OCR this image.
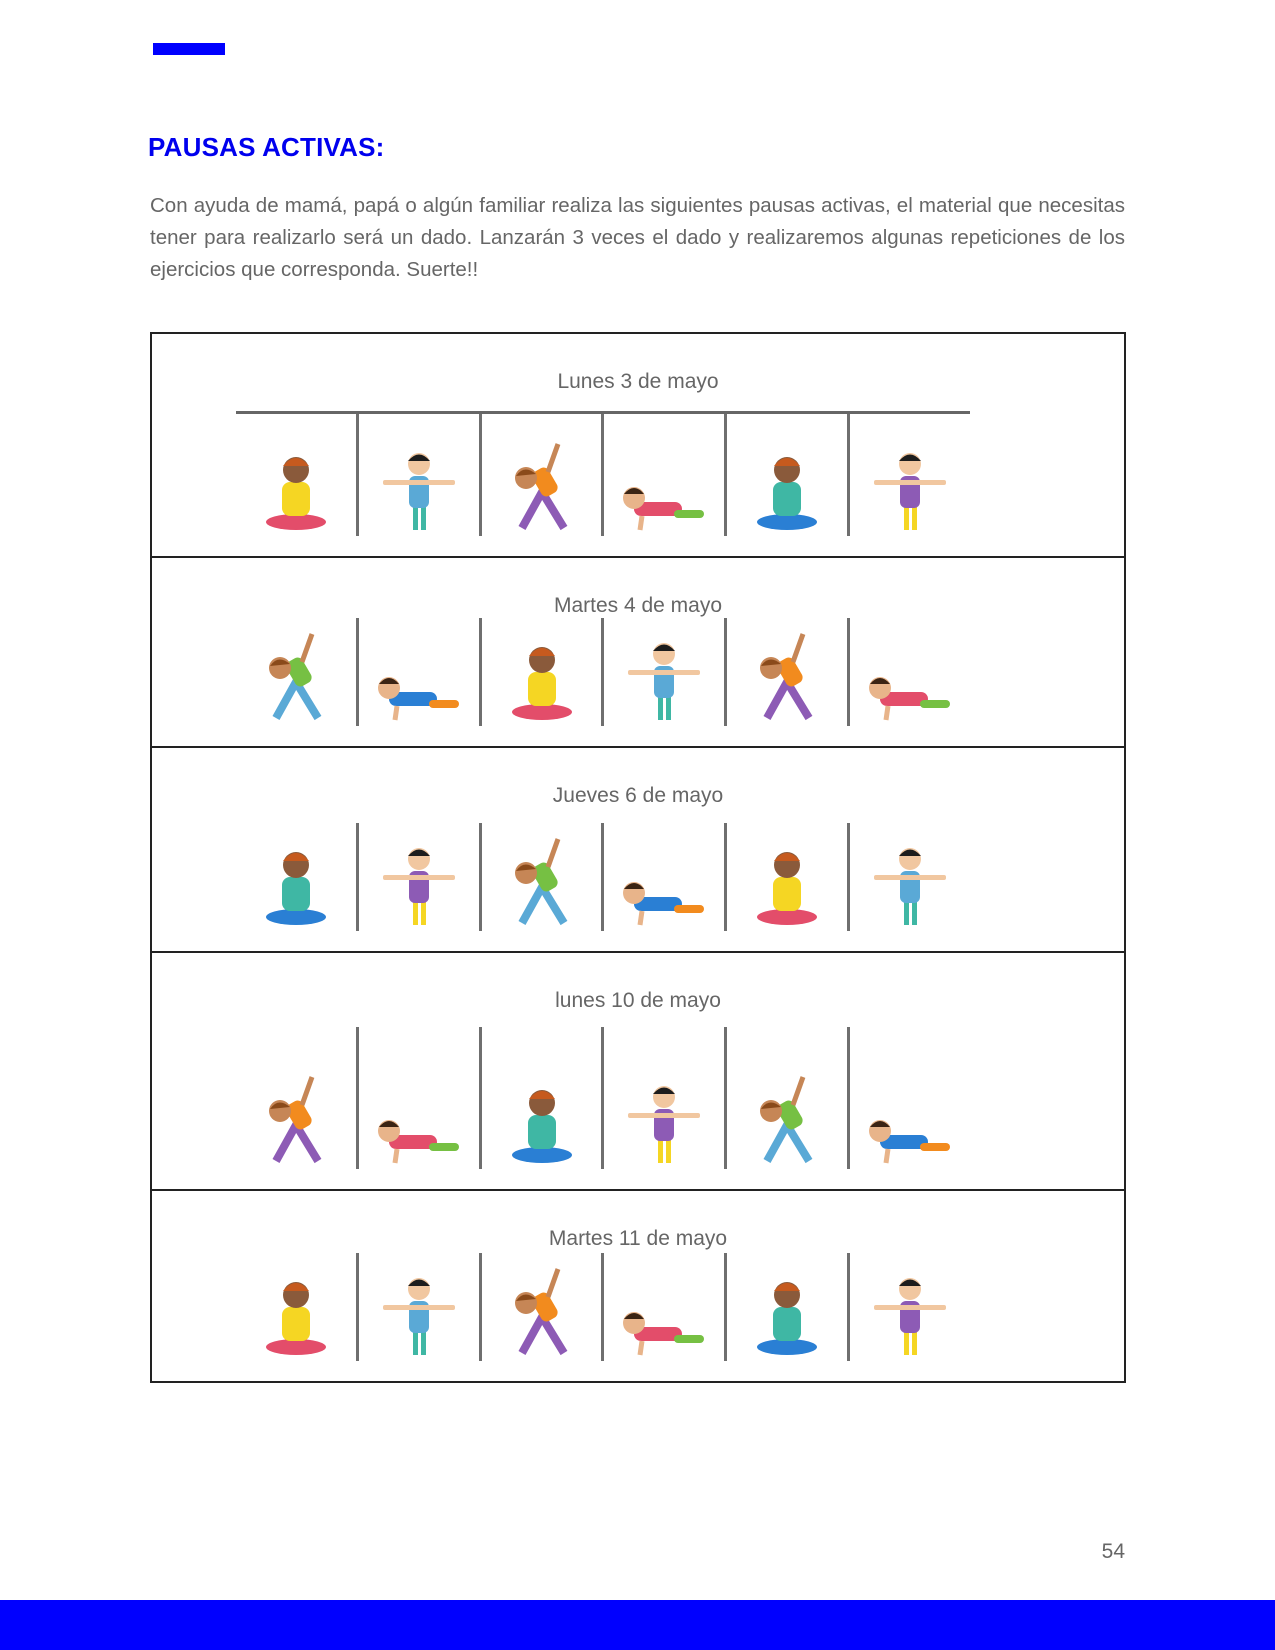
PAUSAS ACTIVAS:

Con ayuda de mamá, papá o algún familiar realiza las siguientes pausas activas, el material que necesitas tener para realizarlo será un dado. Lanzarán 3 veces el dado y realizaremos algunas repeticiones de los ejercicios que corresponda. Suerte!!

Lunes 3 de mayo
Martes 4 de mayo
Jueves 6 de mayo
lunes 10 de mayo
Martes 11 de mayo
54
